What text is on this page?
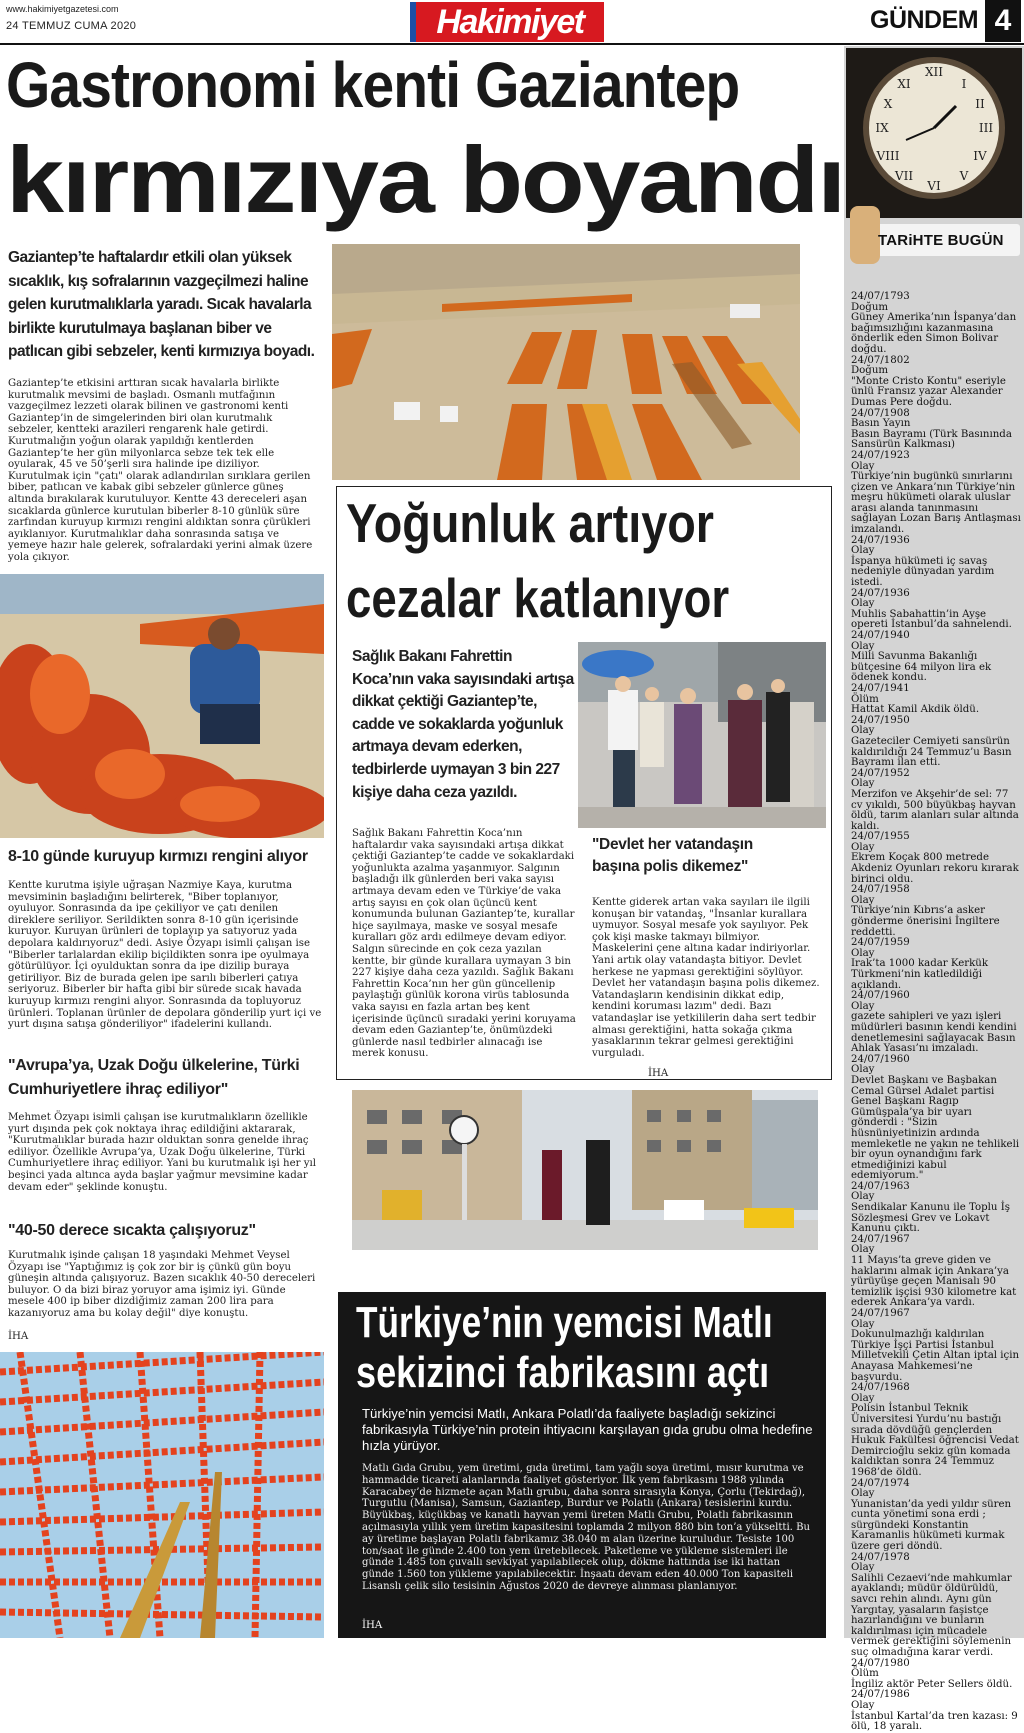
www.hakimiyetgazetesi.com
24 TEMMUZ CUMA 2020	Hakimiyet	GÜNDEM 4
Gastronomi kenti Gaziantep
kırmızıya boyandı
Gaziantep’te haftalardır etkili olan yüksek sıcaklık, kış sofralarının vazgeçilmezi haline gelen kurutmalıklarla yaradı. Sıcak havalarla birlikte kurutulmaya başlanan biber ve patlıcan gibi sebzeler, kenti kırmızıya boyadı.
Gaziantep’te etkisini arttıran sıcak havalarla birlikte kurutmalık mevsimi de başladı. Osmanlı mutfağının vazgeçilmez lezzeti olarak bilinen ve gastronomi kenti Gaziantep’in de simgelerinden biri olan kurutmalık sebzeler, kentteki arazileri rengarenk hale getirdi. Kurutmalığın yoğun olarak yapıldığı kentlerden Gaziantep’te her gün milyonlarca sebze tek tek elle oyularak, 45 ve 50’şerli sıra halinde ipe diziliyor. Kurutulmak için "çatı" olarak adlandırılan sırıklara gerilen biber, patlıcan ve kabak gibi sebzeler günlerce güneş altında bırakılarak kurutuluyor. Kentte 43 dereceleri aşan sıcaklarda günlerce kurutulan biberler 8-10 günlük süre zarfından kuruyup kırmızı rengini aldıktan sonra çürükleri ayıklanıyor. Kurutmalıklar daha sonrasında satışa ve yemeye hazır hale gelerek, sofralardaki yerini almak üzere yola çıkıyor.
Yoğunluk artıyor
cezalar katlanıyor
Sağlık Bakanı Fahrettin Koca’nın vaka sayısındaki artışa dikkat çektiği Gaziantep’te, cadde ve sokaklarda yoğunluk artmaya devam ederken, tedbirlerde uymayan 3 bin 227 kişiye daha ceza yazıldı.
"Devlet her vatandaşın başına polis dikemez"
Sağlık Bakanı Fahrettin Koca’nın haftalardır vaka sayısındaki artışa dikkat çektiği Gaziantep’te cadde ve sokaklardaki yoğunlukta azalma yaşanmıyor. Salgının başladığı ilk günlerden beri vaka sayısı artmaya devam eden ve Türkiye’de vaka artış sayısı en çok olan üçüncü kent konumunda bulunan Gaziantep’te, kurallar hiçe sayılmaya, maske ve sosyal mesafe kuralları göz ardı edilmeye devam ediyor. Salgın sürecinde en çok ceza yazılan kentte, bir günde kurallara uymayan 3 bin 227 kişiye daha ceza yazıldı. Sağlık Bakanı Fahrettin Koca’nın her gün güncellenip paylaştığı günlük korona virüs tablosunda vaka sayısı en fazla artan beş kent içerisinde üçüncü sıradaki yerini koruyama devam eden Gaziantep’te, önümüzdeki günlerde nasıl tedbirler alınacağı ise merek konusu.
Kentte giderek artan vaka sayıları ile ilgili konuşan bir vatandaş, "İnsanlar kurallara uymuyor. Sosyal mesafe yok sayılıyor. Pek çok kişi maske takmayı bilmiyor. Maskelerini çene altına kadar indiriyorlar. Yani artık olay vatandaşta bitiyor. Devlet herkese ne yapması gerektiğini söylüyor. Devlet her vatandaşın başına polis dikemez. Vatandaşların kendisinin dikkat edip, kendini koruması lazım" dedi. Bazı vatandaşlar ise yetkililerin daha sert tedbir alması gerektiğini, hatta sokağa çıkma yasaklarının tekrar gelmesi gerektiğini vurguladı.
İHA
8-10 günde kuruyup kırmızı rengini alıyor
Kentte kurutma işiyle uğraşan Nazmiye Kaya, kurutma mevsiminin başladığını belirterek, "Biber toplanıyor, oyuluyor. Sonrasında da ipe çekiliyor ve çatı denilen direklere seriliyor. Serildikten sonra 8-10 gün içerisinde kuruyor. Kuruyan ürünleri de toplayıp ya satıyoruz yada depolara kaldırıyoruz" dedi. Asiye Özyapı isimli çalışan ise "Biberler tarlalardan ekilip biçildikten sonra ipe oyulmaya götürülüyor. İçi oyulduktan sonra da ipe dizilip buraya getiriliyor. Biz de burada gelen ipe sarılı biberleri çatıya seriyoruz. Biberler bir hafta gibi bir sürede sıcak havada kuruyup kırmızı rengini alıyor. Sonrasında da topluyoruz ürünleri. Toplanan ürünler de depolara gönderilip yurt içi ve yurt dışına satışa gönderiliyor" ifadelerini kullandı.
"Avrupa’ya, Uzak Doğu ülkelerine, Türki Cumhuriyetlere ihraç ediliyor"
Mehmet Özyapı isimli çalışan ise kurutmalıkların özellikle yurt dışında pek çok noktaya ihraç edildiğini aktararak, "Kurutmalıklar burada hazır olduktan sonra genelde ihraç ediliyor. Özellikle Avrupa’ya, Uzak Doğu ülkelerine, Türki Cumhuriyetlere ihraç ediliyor. Yani bu kurutmalık işi her yıl beşinci yada altınca ayda başlar yağmur mevsimine kadar devam eder" şeklinde konuştu.
"40-50 derece sıcakta çalışıyoruz"
Kurutmalık işinde çalışan 18 yaşındaki Mehmet Veysel Özyapı ise "Yaptığımız iş çok zor bir iş çünkü gün boyu güneşin altında çalışıyoruz. Bazen sıcaklık 40-50 dereceleri buluyor. O da bizi biraz yoruyor ama işimiz iyi. Günde mesele 400 ip biber dizdiğimiz zaman 200 lira para kazanıyoruz ama bu kolay değil" diye konuştu.
İHA	Türkiye’nin yemcisi Matlı
sekizinci fabrikasını açtı
Türkiye’nin yemcisi Matlı, Ankara Polatlı’da faaliyete başladığı sekizinci fabrikasıyla Türkiye’nin protein ihtiyacını karşılayan gıda grubu olma hedefine hızla yürüyor.
Matlı Gıda Grubu, yem üretimi, gıda üretimi, tam yağlı soya üretimi, mısır kurutma ve hammadde ticareti alanlarında faaliyet gösteriyor. İlk yem fabrikasını 1988 yılında Karacabey’de hizmete açan Matlı grubu, daha sonra sırasıyla Konya, Çorlu (Tekirdağ), Turgutlu (Manisa), Samsun, Gaziantep, Burdur ve Polatlı (Ankara) tesislerini kurdu. Büyükbaş, küçükbaş ve kanatlı hayvan yemi üreten Matlı Grubu, Polatlı fabrikasının açılmasıyla yıllık yem üretim kapasitesini toplamda 2 milyon 880 bin ton’a yükseltti. Bu ay üretime başlayan Polatlı fabrikamız 38.040 m alan üzerine kuruludur. Tesiste 100 ton/saat ile günde 2.400 ton yem üretebilecek. Paketleme ve yükleme sistemleri ile günde 1.485 ton çuvallı sevkiyat yapılabilecek olup, dökme hattında ise iki hattan günde 1.560 ton yükleme yapılabilecektir. İnşaatı devam eden 40.000 Ton kapasiteli Lisanslı çelik silo tesisinin Ağustos 2020 de devreye alınması planlanıyor.
İHA
XII
III
VI
IX
I
II
IV
V
VII
VIII
X
XI
TARiHTE BUGÜN

24/07/1793

Doğum

Güney Amerika’nın İspanya’dan bağımsızlığını kazanmasına önderlik eden Simon Bolivar doğdu.

24/07/1802

Doğum

"Monte Cristo Kontu" eseriyle ünlü Fransız yazar Alexander Dumas Pere doğdu.

24/07/1908

Basın Yayın

Basın Bayramı (Türk Basınında Sansürün Kalkması)

24/07/1923

Olay

Türkiye’nin bugünkü sınırlarını çizen ve Ankara’nın Türkiye’nin meşru hükümeti olarak uluslar arası alanda tanınmasını sağlayan Lozan Barış Antlaşması imzalandı.

24/07/1936

Olay

İspanya hükümeti iç savaş nedeniyle dünyadan yardım istedi.

24/07/1936

Olay

Muhlis Sabahattin’in Ayşe opereti İstanbul’da sahnelendi.

24/07/1940

Olay

Milli Savunma Bakanlığı bütçesine 64 milyon lira ek ödenek kondu.

24/07/1941

Ölüm

Hattat Kamil Akdik öldü.

24/07/1950

Olay

Gazeteciler Cemiyeti sansürün kaldırıldığı 24 Temmuz’u Basın Bayramı ilan etti.

24/07/1952

Olay

Merzifon ve Akşehir’de sel: 77 cv yıkıldı, 500 büyükbaş hayvan öldü, tarım alanları sular altında kaldı.

24/07/1955

Olay

Ekrem Koçak 800 metrede Akdeniz Oyunları rekoru kırarak birinci oldu.

24/07/1958

Olay

Türkiye’nin Kıbrıs’a asker gönderme önerisini İngiltere reddetti.

24/07/1959

Olay

Irak’ta 1000 kadar Kerkük Türkmeni’nin katledildiği açıklandı.

24/07/1960

Olay

gazete sahipleri ve yazı işleri müdürleri basının kendi kendini denetlemesini sağlayacak Basın Ahlak Yasası’nı imzaladı.

24/07/1960

Olay

Devlet Başkanı ve Başbakan Cemal Gürsel Adalet partisi Genel Başkanı Ragıp Gümüşpala’ya bir uyarı gönderdi : "Sizin hüsnüniyetinizin ardında memleketle ne yakın ne tehlikeli bir oyun oynandığını fark etmediğinizi kabul edemiyorum."

24/07/1963

Olay

Sendikalar Kanunu ile Toplu İş Sözleşmesi Grev ve Lokavt Kanunu çıktı.

24/07/1967

Olay

11 Mayıs’ta greve giden ve haklarını almak için Ankara’ya yürüyüşe geçen Manisalı 90 temizlik işçisi 930 kilometre kat ederek Ankara’ya vardı.

24/07/1967

Olay

Dokunulmazlığı kaldırılan Türkiye İşçi Partisi İstanbul Milletvekili Çetin Altan iptal için Anayasa Mahkemesi’ne başvurdu.

24/07/1968

Olay

Polisin İstanbul Teknik Üniversitesi Yurdu’nu bastığı sırada dövdüğü gençlerden Hukuk Fakültesi öğrencisi Vedat Demircioğlu sekiz gün komada kaldıktan sonra 24 Temmuz 1968’de öldü.

24/07/1974

Olay

Yunanistan’da yedi yıldır süren cunta yönetimi sona erdi ; sürgündeki Konstantin Karamanlis hükümeti kurmak üzere geri döndü.

24/07/1978

Olay

Salihli Cezaevi’nde mahkumlar ayaklandı; müdür öldürüldü, savcı rehin alındı. Aynı gün Yargıtay, yasaların faşistçe hazırlandığını ve bunların kaldırılması için mücadele vermek gerektiğini söylemenin suç olmadığına karar verdi.

24/07/1980

Ölüm

İngiliz aktör Peter Sellers öldü.

24/07/1986

Olay

İstanbul Kartal’da tren kazası: 9 ölü, 18 yaralı.
